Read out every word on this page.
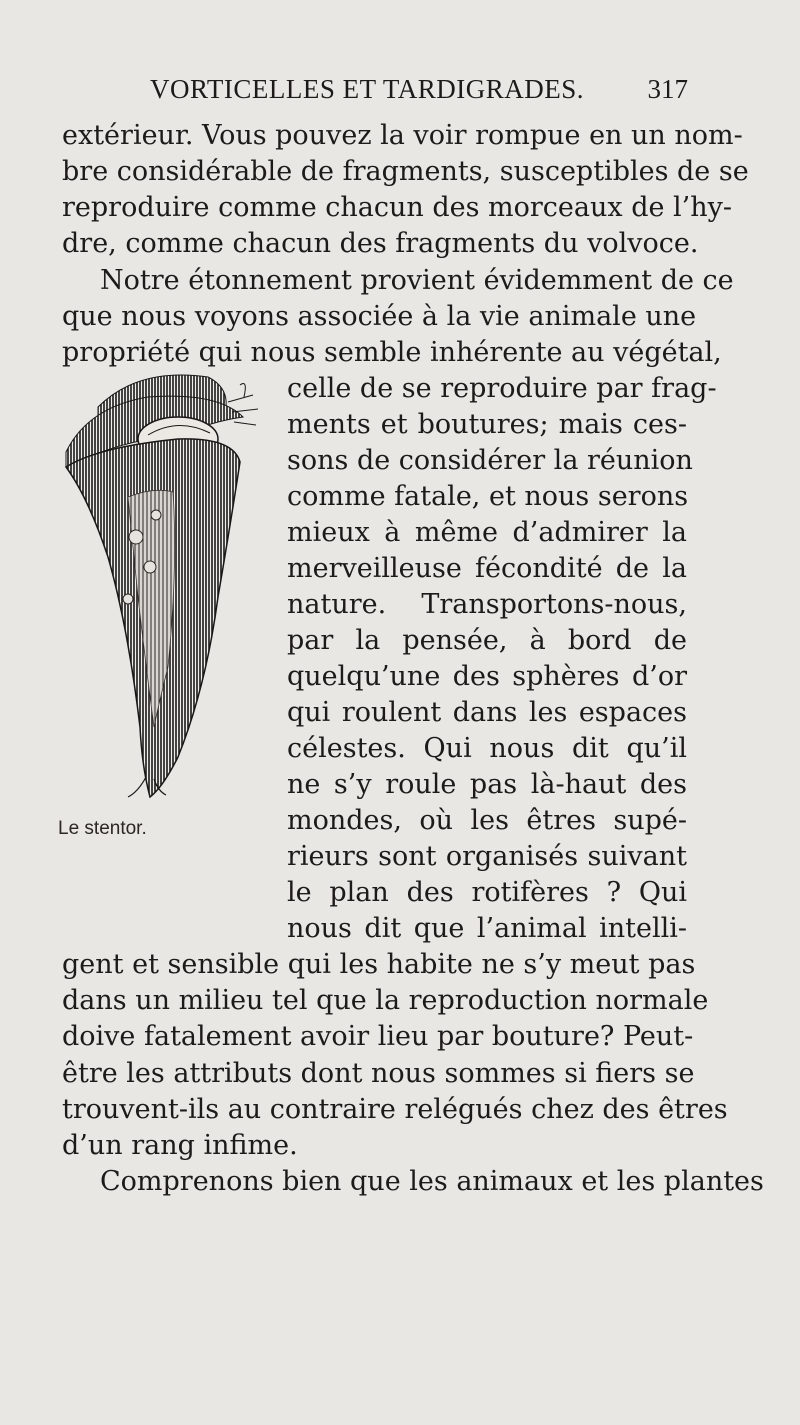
VORTICELLES ET TARDIGRADES. 317
extérieur. Vous pouvez la voir rompue en un nom-
bre considérable de fragments, susceptibles de se
reproduire comme chacun des morceaux de l’hy-
dre, comme chacun des fragments du volvoce.
Notre étonnement provient évidemment de ce
que nous voyons associée à la vie animale une
propriété qui nous semble inhérente au végétal,
Le stentor.
celle de se reproduire par frag-
ments et boutures; mais ces-
sons de considérer la réunion
comme fatale, et nous serons
mieux à même d’admirer la
merveilleuse fécondité de la
nature. Transportons-nous,
par la pensée, à bord de
quelqu’une des sphères d’or
qui roulent dans les espaces
célestes. Qui nous dit qu’il
ne s’y roule pas là-haut des
mondes, où les êtres supé-
rieurs sont organisés suivant
le plan des rotifères ? Qui
nous dit que l’animal intelli-
gent et sensible qui les habite ne s’y meut pas
dans un milieu tel que la reproduction normale
doive fatalement avoir lieu par bouture? Peut-
être les attributs dont nous sommes si fiers se
trouvent-ils au contraire relégués chez des êtres
d’un rang infime.
Comprenons bien que les animaux et les plantes
